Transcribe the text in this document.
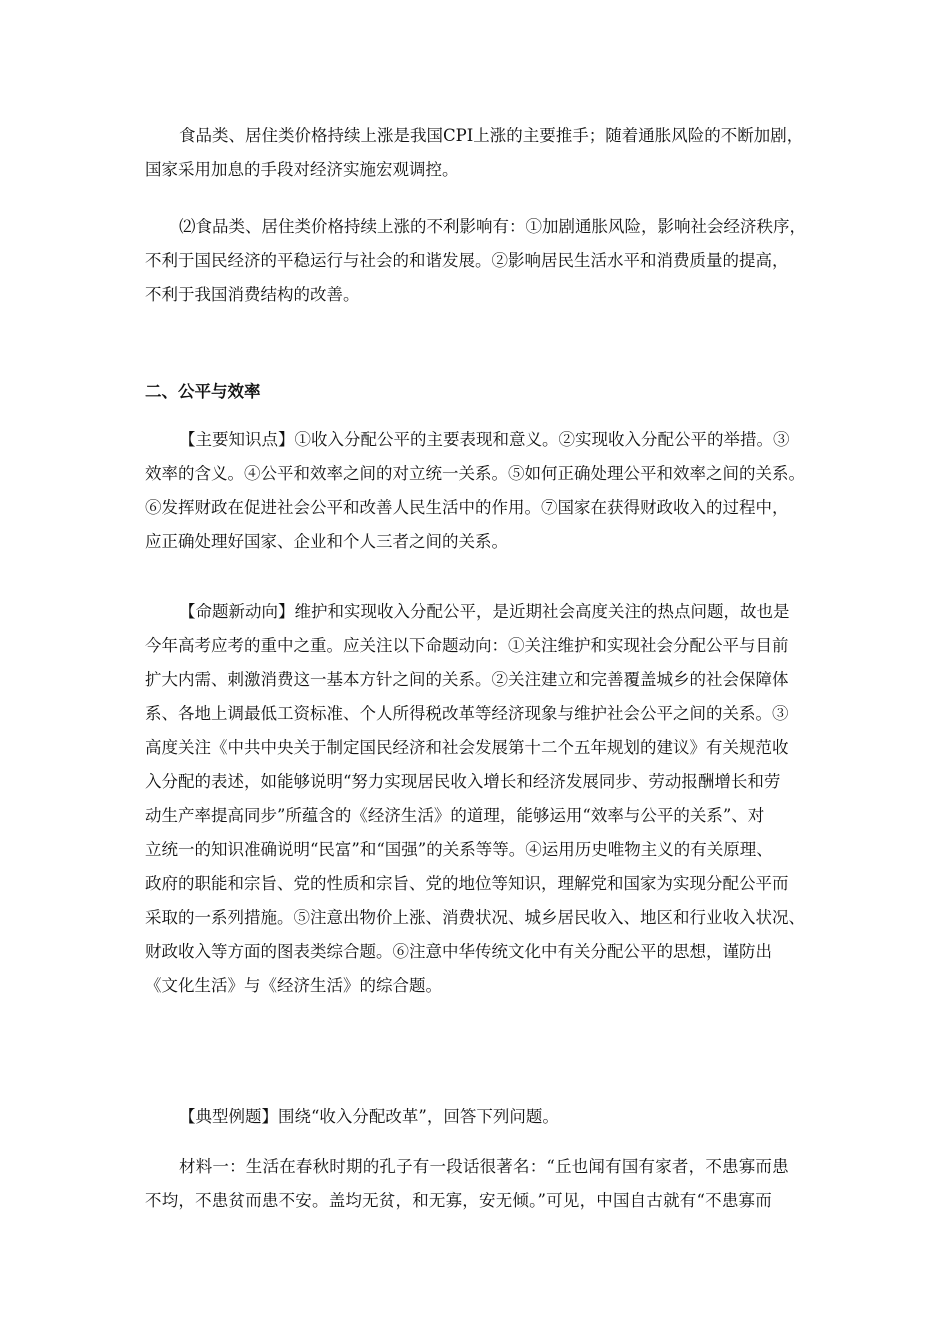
食品类、居住类价格持续上涨是我国CPI上涨的主要推手；随着通胀风险的不断加剧，
国家采用加息的手段对经济实施宏观调控。
⑵食品类、居住类价格持续上涨的不利影响有：①加剧通胀风险，影响社会经济秩序，
不利于国民经济的平稳运行与社会的和谐发展。②影响居民生活水平和消费质量的提高，
不利于我国消费结构的改善。
二、公平与效率
【主要知识点】①收入分配公平的主要表现和意义。②实现收入分配公平的举措。③
效率的含义。④公平和效率之间的对立统一关系。⑤如何正确处理公平和效率之间的关系。
⑥发挥财政在促进社会公平和改善人民生活中的作用。⑦国家在获得财政收入的过程中，
应正确处理好国家、企业和个人三者之间的关系。
【命题新动向】维护和实现收入分配公平，是近期社会高度关注的热点问题，故也是
今年高考应考的重中之重。应关注以下命题动向：①关注维护和实现社会分配公平与目前
扩大内需、刺激消费这一基本方针之间的关系。②关注建立和完善覆盖城乡的社会保障体
系、各地上调最低工资标准、个人所得税改革等经济现象与维护社会公平之间的关系。③
高度关注《中共中央关于制定国民经济和社会发展第十二个五年规划的建议》有关规范收
入分配的表述，如能够说明“努力实现居民收入增长和经济发展同步、劳动报酬增长和劳
动生产率提高同步”所蕴含的《经济生活》的道理，能够运用“效率与公平的关系”、对
立统一的知识准确说明“民富”和“国强”的关系等等。④运用历史唯物主义的有关原理、
政府的职能和宗旨、党的性质和宗旨、党的地位等知识，理解党和国家为实现分配公平而
采取的一系列措施。⑤注意出物价上涨、消费状况、城乡居民收入、地区和行业收入状况、
财政收入等方面的图表类综合题。⑥注意中华传统文化中有关分配公平的思想，谨防出
《文化生活》与《经济生活》的综合题。
【典型例题】围绕“收入分配改革”，回答下列问题。
材料一：生活在春秋时期的孔子有一段话很著名：“丘也闻有国有家者，不患寡而患
不均，不患贫而患不安。盖均无贫，和无寡，安无倾。”可见，中国自古就有“不患寡而
